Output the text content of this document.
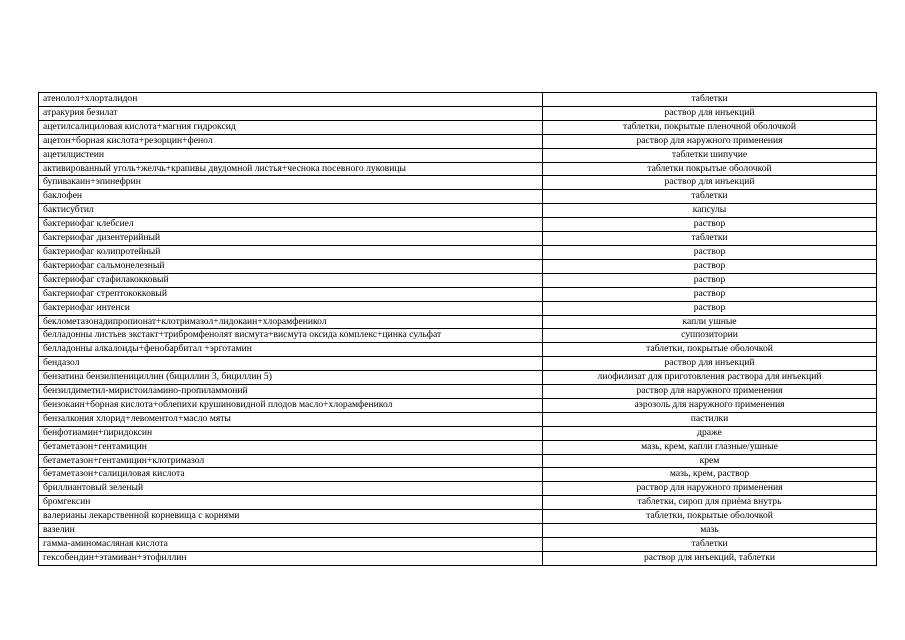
атенолол+хлорталидон	таблетки
атракурия безилат	раствор для инъекций
ацетилсалициловая кислота+магния гидроксид	таблетки, покрытые пленочной оболочкой
ацетон+борная кислота+резорцин+фенол	раствор для наружного применения
ацетилцистеин	таблетки шипучие
активированный уголь+желчь+крапивы двудомной листья+чеснока посевного луковицы	таблетки покрытые оболочкой
бупивакаин+эпинефрин	раствор для инъекций
баклофен	таблетки
бактисубтил	капсулы
бактериофаг клебсиел	раствор
бактериофаг дизентерийный	таблетки
бактериофаг колипротейный	раствор
бактериофаг сальмонелезный	раствор
бактериофаг стафилакокковый	раствор
бактериофаг стрептококковый	раствор
бактериофаг интенси	раствор
беклометазонадипропионат+клотримазол+лидокаин+хлорамфеникол	капли ушные
белладонны листьев экстакт+трибромфенолят висмута+висмута оксида комплекс+цинка сульфат	суппозитории
белладонны алкалоиды+фенобарбитал +эрготамин	таблетки, покрытые оболочкой
бендазол	раствор для инъекций
бензатина бензилпенициллин (бициллин 3, бициллин 5)	лиофилизат для приготовления раствора для инъекций
бензилдиметил-миристоиламино-пропиламмоний	раствор для наружного применения
бензокаин+борная кислота+облепихи крушиновидной плодов масло+хлорамфеникол	аэрозоль для наружного применения
бензалкония хлорид+левоментол+масло мяты	пастилки
бенфотиамин+пиридоксин	драже
бетаметазон+гентамицин	мазь, крем, капли глазные/ушные
бетаметазон+гентамицин+клотримазол	крем
бетаметазон+салициловая кислота	мазь, крем, раствор
бриллиантовый зеленый	раствор для наружного применения
бромгексин	таблетки, сироп для приёма внутрь
валерианы лекарственной корневища с корнями	таблетки, покрытые оболочкой
вазелин	мазь
гамма-аминомасляная кислота	таблетки
гексобендин+этамиван+этофиллин	раствор для инъекций, таблетки
